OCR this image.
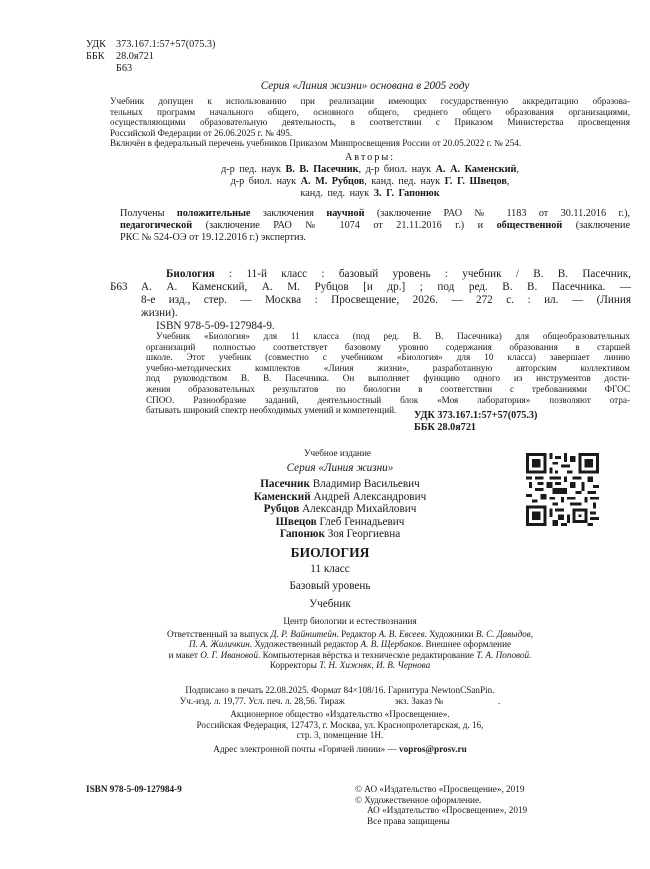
УДК 373.167.1:57+57(075.3)
ББК 28.0я721
Б63
Серия «Линия жизни» основана в 2005 году
Учебник допущен к использованию при реализации имеющих государственную аккредитацию образова-
тельных программ начального общего, основного общего, среднего общего образования организациями,
осуществляющими образовательную деятельность, в соответствии с Приказом Министерства просвещения
Российской Федерации от 26.06.2025 г. № 495.
Включён в федеральный перечень учебников Приказом Минпросвещения России от 20.05.2022 г. № 254.
Авторы:
д-р пед. наук В. В. Пасечник, д-р биол. наук А. А. Каменский,
д-р биол. наук А. М. Рубцов, канд. пед. наук Г. Г. Швецов,
канд. пед. наук З. Г. Гапонюк
Получены положительные заключения научной (заключение РАО № 1183 от 30.11.2016 г.),
педагогической (заключение РАО № 1074 от 21.11.2016 г.) и общественной (заключение
РКС № 524-ОЭ от 19.12.2016 г.) экспертиз.
Б63
Биология : 11-й класс : базовый уровень : учебник / В. В. Пасечник,
А. А. Каменский, А. М. Рубцов [и др.] ; под ред. В. В. Пасечника. —
8-е изд., стер. — Москва : Просвещение, 2026. — 272 с. : ил. — (Линия
жизни).
ISBN 978-5-09-127984-9.
Учебник «Биология» для 11 класса (под ред. В. В. Пасечника) для общеобразовательных
организаций полностью соответствует базовому уровню содержания образования в старшей
школе. Этот учебник (совместно с учебником «Биология» для 10 класса) завершает линию
учебно-методических комплектов «Линия жизни», разработанную авторским коллективом
под руководством В. В. Пасечника. Он выполняет функцию одного из инструментов дости-
жения образовательных результатов по биологии в соответствии с требованиями ФГОС
СПОО. Разнообразие заданий, деятельностный блок «Моя лаборатория» позволяют отра-
батывать широкий спектр необходимых умений и компетенций.	УДК 373.167.1:57+57(075.3)
ББК 28.0я721
Учебное издание
Серия «Линия жизни»
Пасечник Владимир Васильевич
Каменский Андрей Александрович
Рубцов Александр Михайлович
Швецов Глеб Геннадьевич
Гапонюк Зоя Георгиевна
БИОЛОГИЯ
11 класс
Базовый уровень
Учебник
Центр биологии и естествознания
Ответственный за выпуск Д. Р. Вайнштейн. Редактор А. В. Евсеев. Художники В. С. Давыдов,
П. А. Жиличкин. Художественный редактор А. В. Щербаков. Внешнее оформление
и макет О. Г. Ивановой. Компьютерная вёрстка и техническое редактирование Т. А. Поповой.
Корректоры Т. Н. Хижняк, И. В. Чернова
Подписано в печать 22.08.2025. Формат 84×108/16. Гарнитура NewtonCSanPin.
Уч.-изд. л. 19,77. Усл. печ. л. 28,56. Тираж	экз. Заказ №	.
Акционерное общество «Издательство «Просвещение».
Российская Федерация, 127473, г. Москва, ул. Краснопролетарская, д. 16,
стр. 3, помещение 1Н.
Адрес электронной почты «Горячей линии» — vopros@prosv.ru
ISBN 978-5-09-127984-9	© АО «Издательство «Просвещение», 2019
© Художественное оформление.
АО «Издательство «Просвещение», 2019
Все права защищены
